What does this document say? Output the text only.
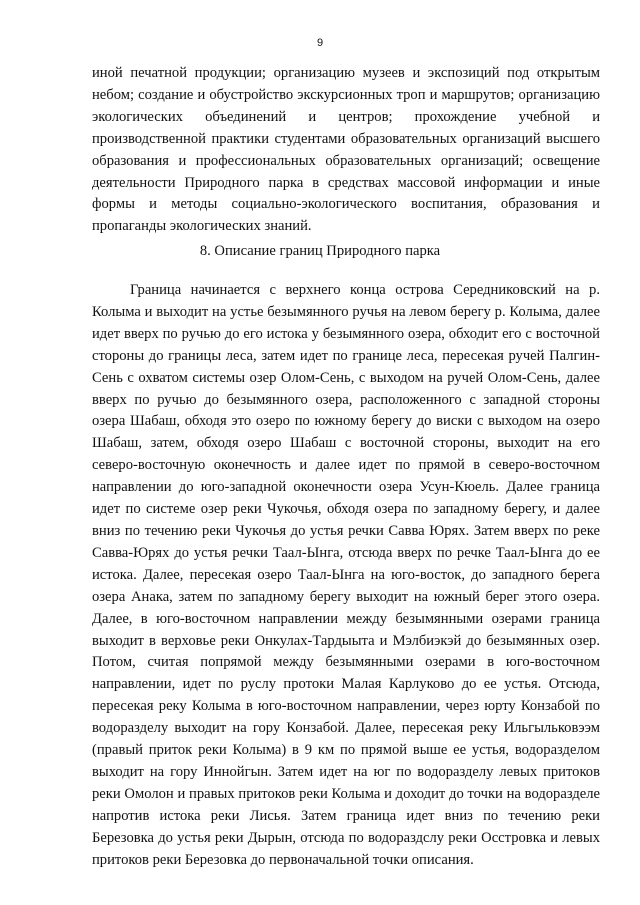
9

иной печатной продукции; организацию музеев и экспозиций под открытым небом; создание и обустройство экскурсионных троп и маршрутов; организацию экологических объединений и центров; прохождение учебной и производственной практики студентами образовательных организаций высшего образования и профессиональных образовательных организаций; освещение деятельности Природного парка в средствах массовой информации и иные формы и методы социально-экологического воспитания, образования и пропаганды экологических знаний.

8. Описание границ Природного парка

Граница начинается с верхнего конца острова Середниковский на р. Колыма и выходит на устье безымянного ручья на левом берегу р. Колыма, далее идет вверх по ручью до его истока у безымянного озера, обходит его с восточной стороны до границы леса, затем идет по границе леса, пересекая ручей Палгин-Сень с охватом системы озер Олом-Сень, с выходом на ручей Олом-Сень, далее вверх по ручью до безымянного озера, расположенного с западной стороны озера Шабаш, обходя это озеро по южному берегу до виски с выходом на озеро Шабаш, затем, обходя озеро Шабаш с восточной стороны, выходит на его северо-восточную оконечность и далее идет по прямой в северо-восточном направлении до юго-западной оконечности озера Усун-Кюель. Далее граница идет по системе озер реки Чукочья, обходя озера по западному берегу, и далее вниз по течению реки Чукочья до устья речки Савва Юрях. Затем вверх по реке Савва-Юрях до устья речки Таал-Ынга, отсюда вверх по речке Таал-Ынга до ее истока. Далее, пересекая озеро Таал-Ынга на юго-восток, до западного берега озера Анака, затем по западному берегу выходит на южный берег этого озера. Далее, в юго-восточном направлении между безымянными озерами граница выходит в верховье реки Онкулах-Тардыыта и Мэлбиэкэй до безымянных озер. Потом, считая попрямой между безымянными озерами в юго-восточном направлении, идет по руслу протоки Малая Карлуково до ее устья. Отсюда, пересекая реку Колыма в юго-восточном направлении, через юрту Конзабой по водоразделу выходит на гору Конзабой. Далее, пересекая реку Ильгыльковээм (правый приток реки Колыма) в 9 км по прямой выше ее устья, водоразделом выходит на гору Иннойгын. Затем идет на юг по водоразделу левых притоков реки Омолон и правых притоков реки Колыма и доходит до точки на водоразделе напротив истока реки Лисья. Затем граница идет вниз по течению реки Березовка до устья реки Дырын, отсюда по водораздслу реки Осстровка и левых притоков реки Березовка до первоначальной точки описания.
